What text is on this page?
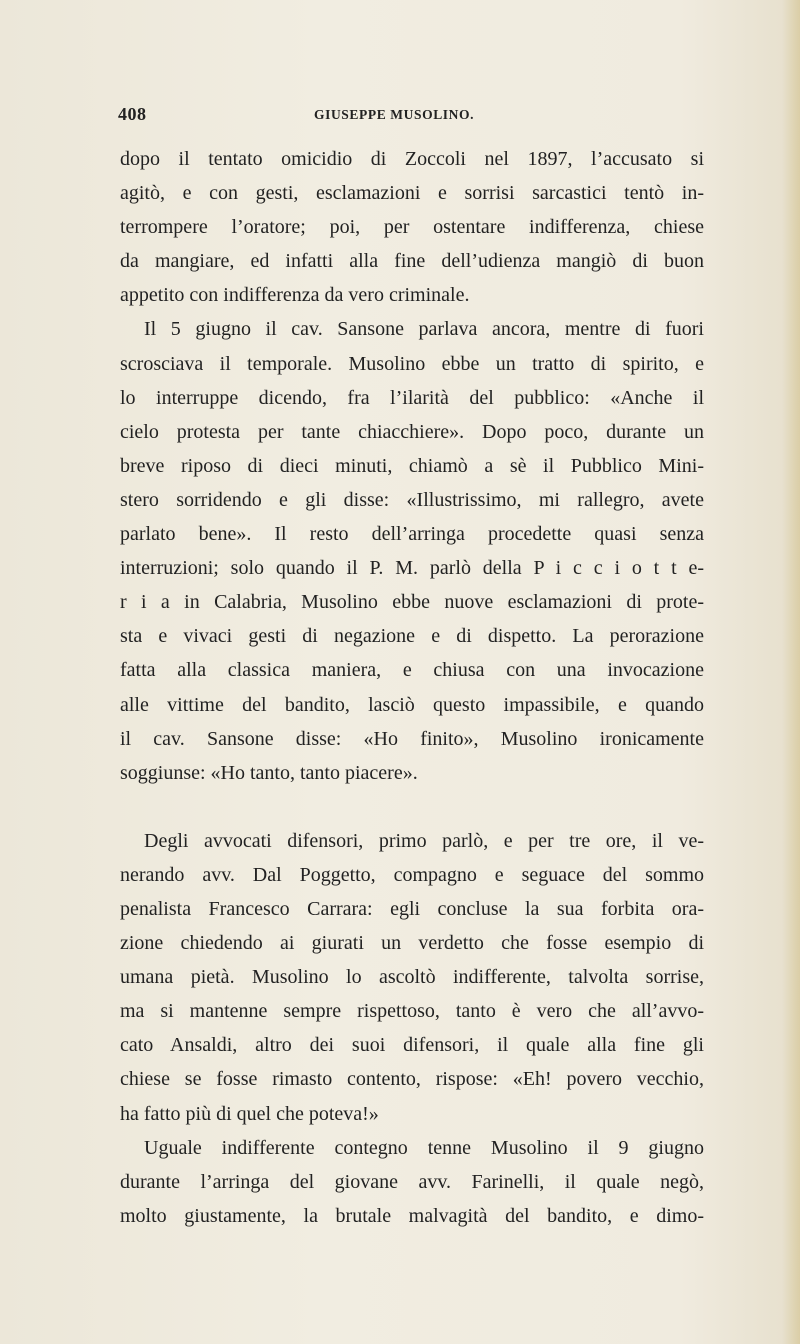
408	GIUSEPPE MUSOLINO.
dopo il tentato omicidio di Zoccoli nel 1897, l’accusato si
agitò, e con gesti, esclamazioni e sorrisi sarcastici tentò in-
terrompere l’oratore; poi, per ostentare indifferenza, chiese
da mangiare, ed infatti alla fine dell’udienza mangiò di buon
appetito con indifferenza da vero criminale.
Il 5 giugno il cav. Sansone parlava ancora, mentre di fuori
scrosciava il temporale. Musolino ebbe un tratto di spirito, e
lo interruppe dicendo, fra l’ilarità del pubblico: «Anche il
cielo protesta per tante chiacchiere». Dopo poco, durante un
breve riposo di dieci minuti, chiamò a sè il Pubblico Mini-
stero sorridendo e gli disse: «Illustrissimo, mi rallegro, avete
parlato bene». Il resto dell’arringa procedette quasi senza
interruzioni; solo quando il P. M. parlò della P i c c i o t t e-
r i a in Calabria, Musolino ebbe nuove esclamazioni di prote-
sta e vivaci gesti di negazione e di dispetto. La perorazione
fatta alla classica maniera, e chiusa con una invocazione
alle vittime del bandito, lasciò questo impassibile, e quando
il cav. Sansone disse: «Ho finito», Musolino ironicamente
soggiunse: «Ho tanto, tanto piacere».
Degli avvocati difensori, primo parlò, e per tre ore, il ve-
nerando avv. Dal Poggetto, compagno e seguace del sommo
penalista Francesco Carrara: egli concluse la sua forbita ora-
zione chiedendo ai giurati un verdetto che fosse esempio di
umana pietà. Musolino lo ascoltò indifferente, talvolta sorrise,
ma si mantenne sempre rispettoso, tanto è vero che all’avvo-
cato Ansaldi, altro dei suoi difensori, il quale alla fine gli
chiese se fosse rimasto contento, rispose: «Eh! povero vecchio,
ha fatto più di quel che poteva!»
Uguale indifferente contegno tenne Musolino il 9 giugno
durante l’arringa del giovane avv. Farinelli, il quale negò,
molto giustamente, la brutale malvagità del bandito, e dimo-
